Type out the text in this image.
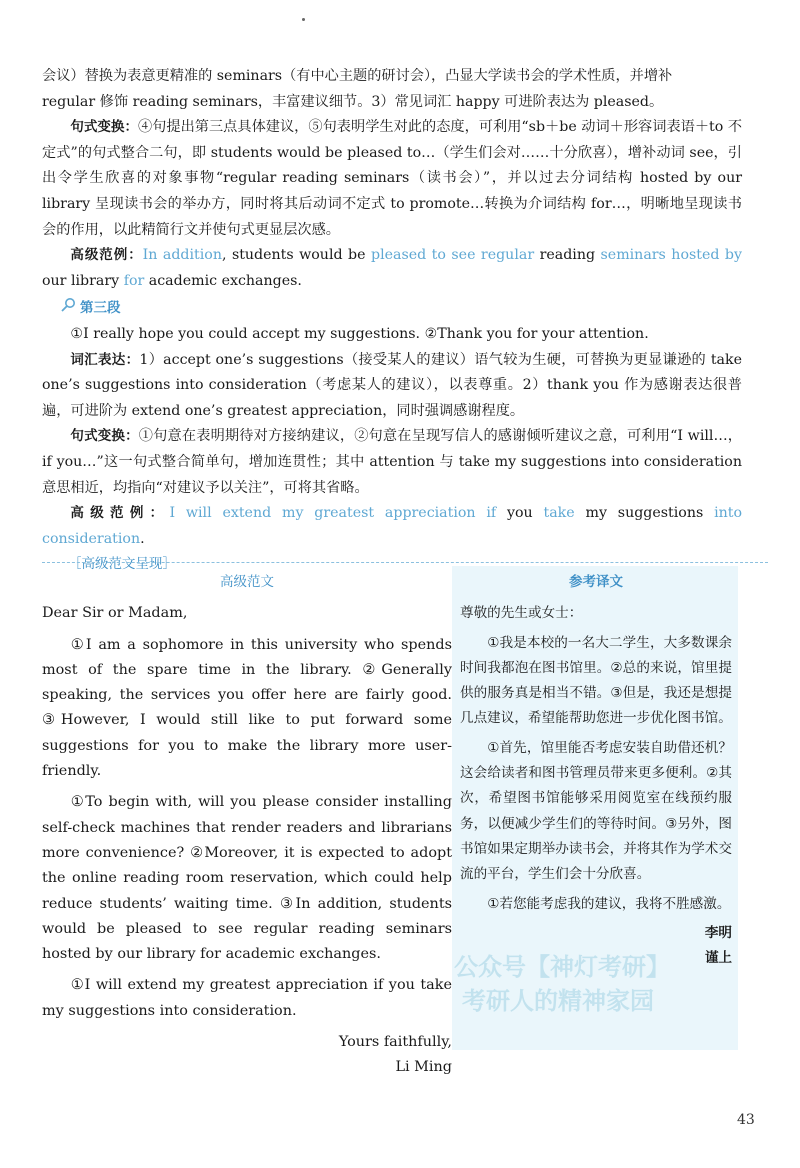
会议）替换为表意更精准的 seminars（有中心主题的研讨会），凸显大学读书会的学术性质，并增补
regular 修饰 reading seminars，丰富建议细节。3）常见词汇 happy 可进阶表达为 pleased。

句式变换：④句提出第三点具体建议，⑤句表明学生对此的态度，可利用“sb＋be 动词＋形容词表语＋to 不定式”的句式整合二句，即 students would be pleased to…（学生们会对……十分欣喜），增补动词 see，引出令学生欣喜的对象事物“regular reading seminars（读书会）”，并以过去分词结构 hosted by our library 呈现读书会的举办方，同时将其后动词不定式 to promote…转换为介词结构 for…，明晰地呈现读书会的作用，以此精简行文并使句式更显层次感。

高级范例：In addition, students would be pleased to see regular reading seminars hosted by our library for academic exchanges.

第三段

①I really hope you could accept my suggestions. ②Thank you for your attention.

词汇表达：1）accept one’s suggestions（接受某人的建议）语气较为生硬，可替换为更显谦逊的 take one’s suggestions into consideration（考虑某人的建议），以表尊重。2）thank you 作为感谢表达很普遍，可进阶为 extend one’s greatest appreciation，同时强调感谢程度。

句式变换：①句意在表明期待对方接纳建议，②句意在呈现写信人的感谢倾听建议之意，可利用“I will…，if you…”这一句式整合简单句，增加连贯性；其中 attention 与 take my suggestions into consideration 意思相近，均指向“对建议予以关注”，可将其省略。

高级范例：I will extend my greatest appreciation if you take my suggestions into consideration.

［高级范文呈现］

高级范文

Dear Sir or Madam,

①I am a sophomore in this university who spends most of the spare time in the library. ②Generally speaking, the services you offer here are fairly good. ③However, I would still like to put forward some suggestions for you to make the library more user-friendly.

①To begin with, will you please consider installing self-check machines that render readers and librarians more convenience? ②Moreover, it is expected to adopt the online reading room reservation, which could help reduce students’ waiting time. ③In addition, students would be pleased to see regular reading seminars hosted by our library for academic exchanges.

①I will extend my greatest appreciation if you take my suggestions into consideration.

Yours faithfully,

Li Ming

参考译文

尊敬的先生或女士：

①我是本校的一名大二学生，大多数课余时间我都泡在图书馆里。②总的来说，馆里提供的服务真是相当不错。③但是，我还是想提几点建议，希望能帮助您进一步优化图书馆。

①首先，馆里能否考虑安装自助借还机？这会给读者和图书管理员带来更多便利。②其次，希望图书馆能够采用阅览室在线预约服务，以便减少学生们的等待时间。③另外，图书馆如果定期举办读书会，并将其作为学术交流的平台，学生们会十分欣喜。

①若您能考虑我的建议，我将不胜感激。

李明

谨上

公众号【神灯考研】
考研人的精神家园
43
